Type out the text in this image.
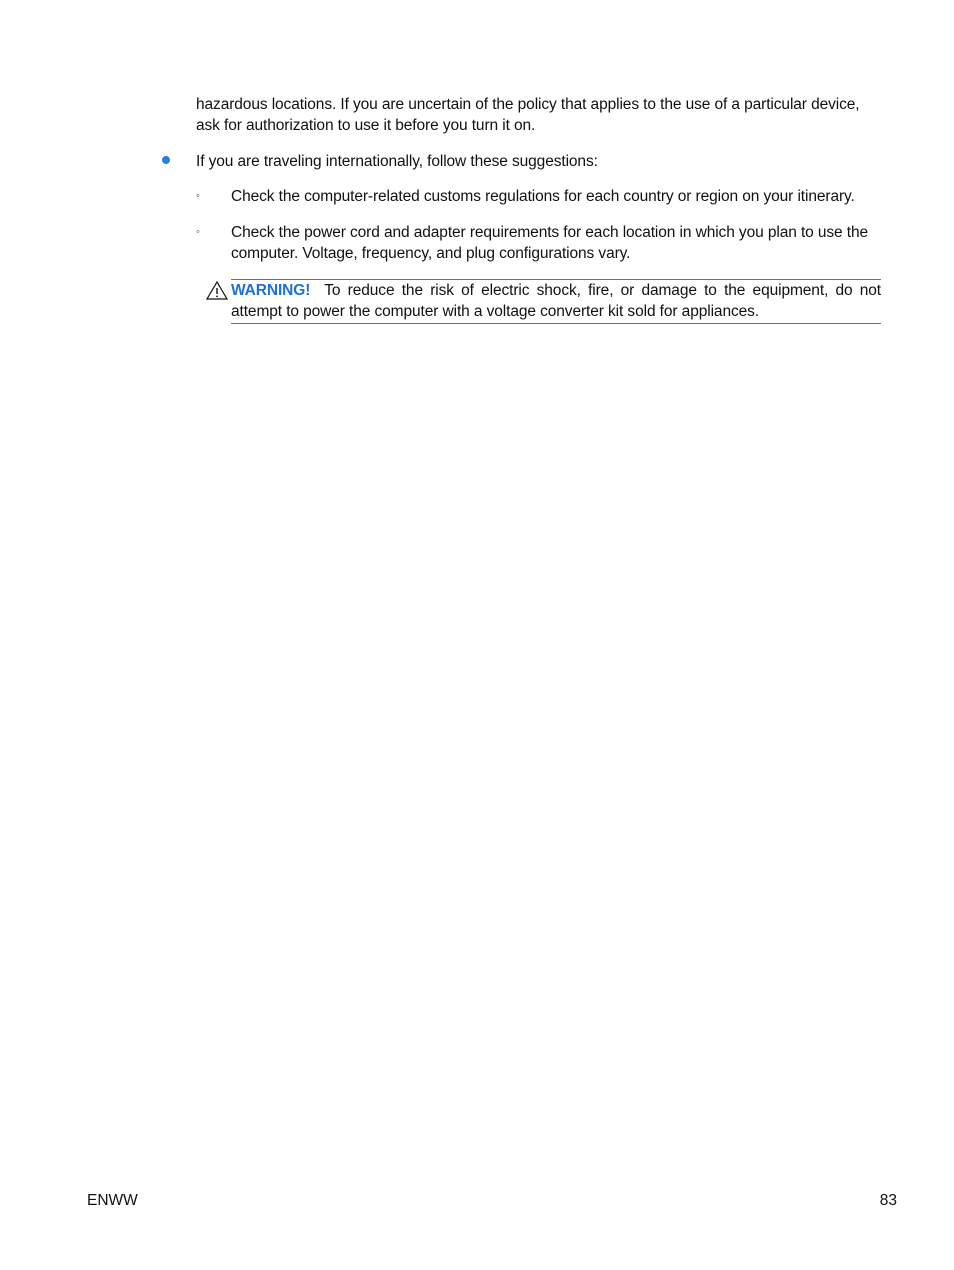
hazardous locations. If you are uncertain of the policy that applies to the use of a particular device, ask for authorization to use it before you turn it on.
If you are traveling internationally, follow these suggestions:
◦ Check the computer-related customs regulations for each country or region on your itinerary.
◦ Check the power cord and adapter requirements for each location in which you plan to use the computer. Voltage, frequency, and plug configurations vary.
WARNING! To reduce the risk of electric shock, fire, or damage to the equipment, do not attempt to power the computer with a voltage converter kit sold for appliances.
ENWW	83
